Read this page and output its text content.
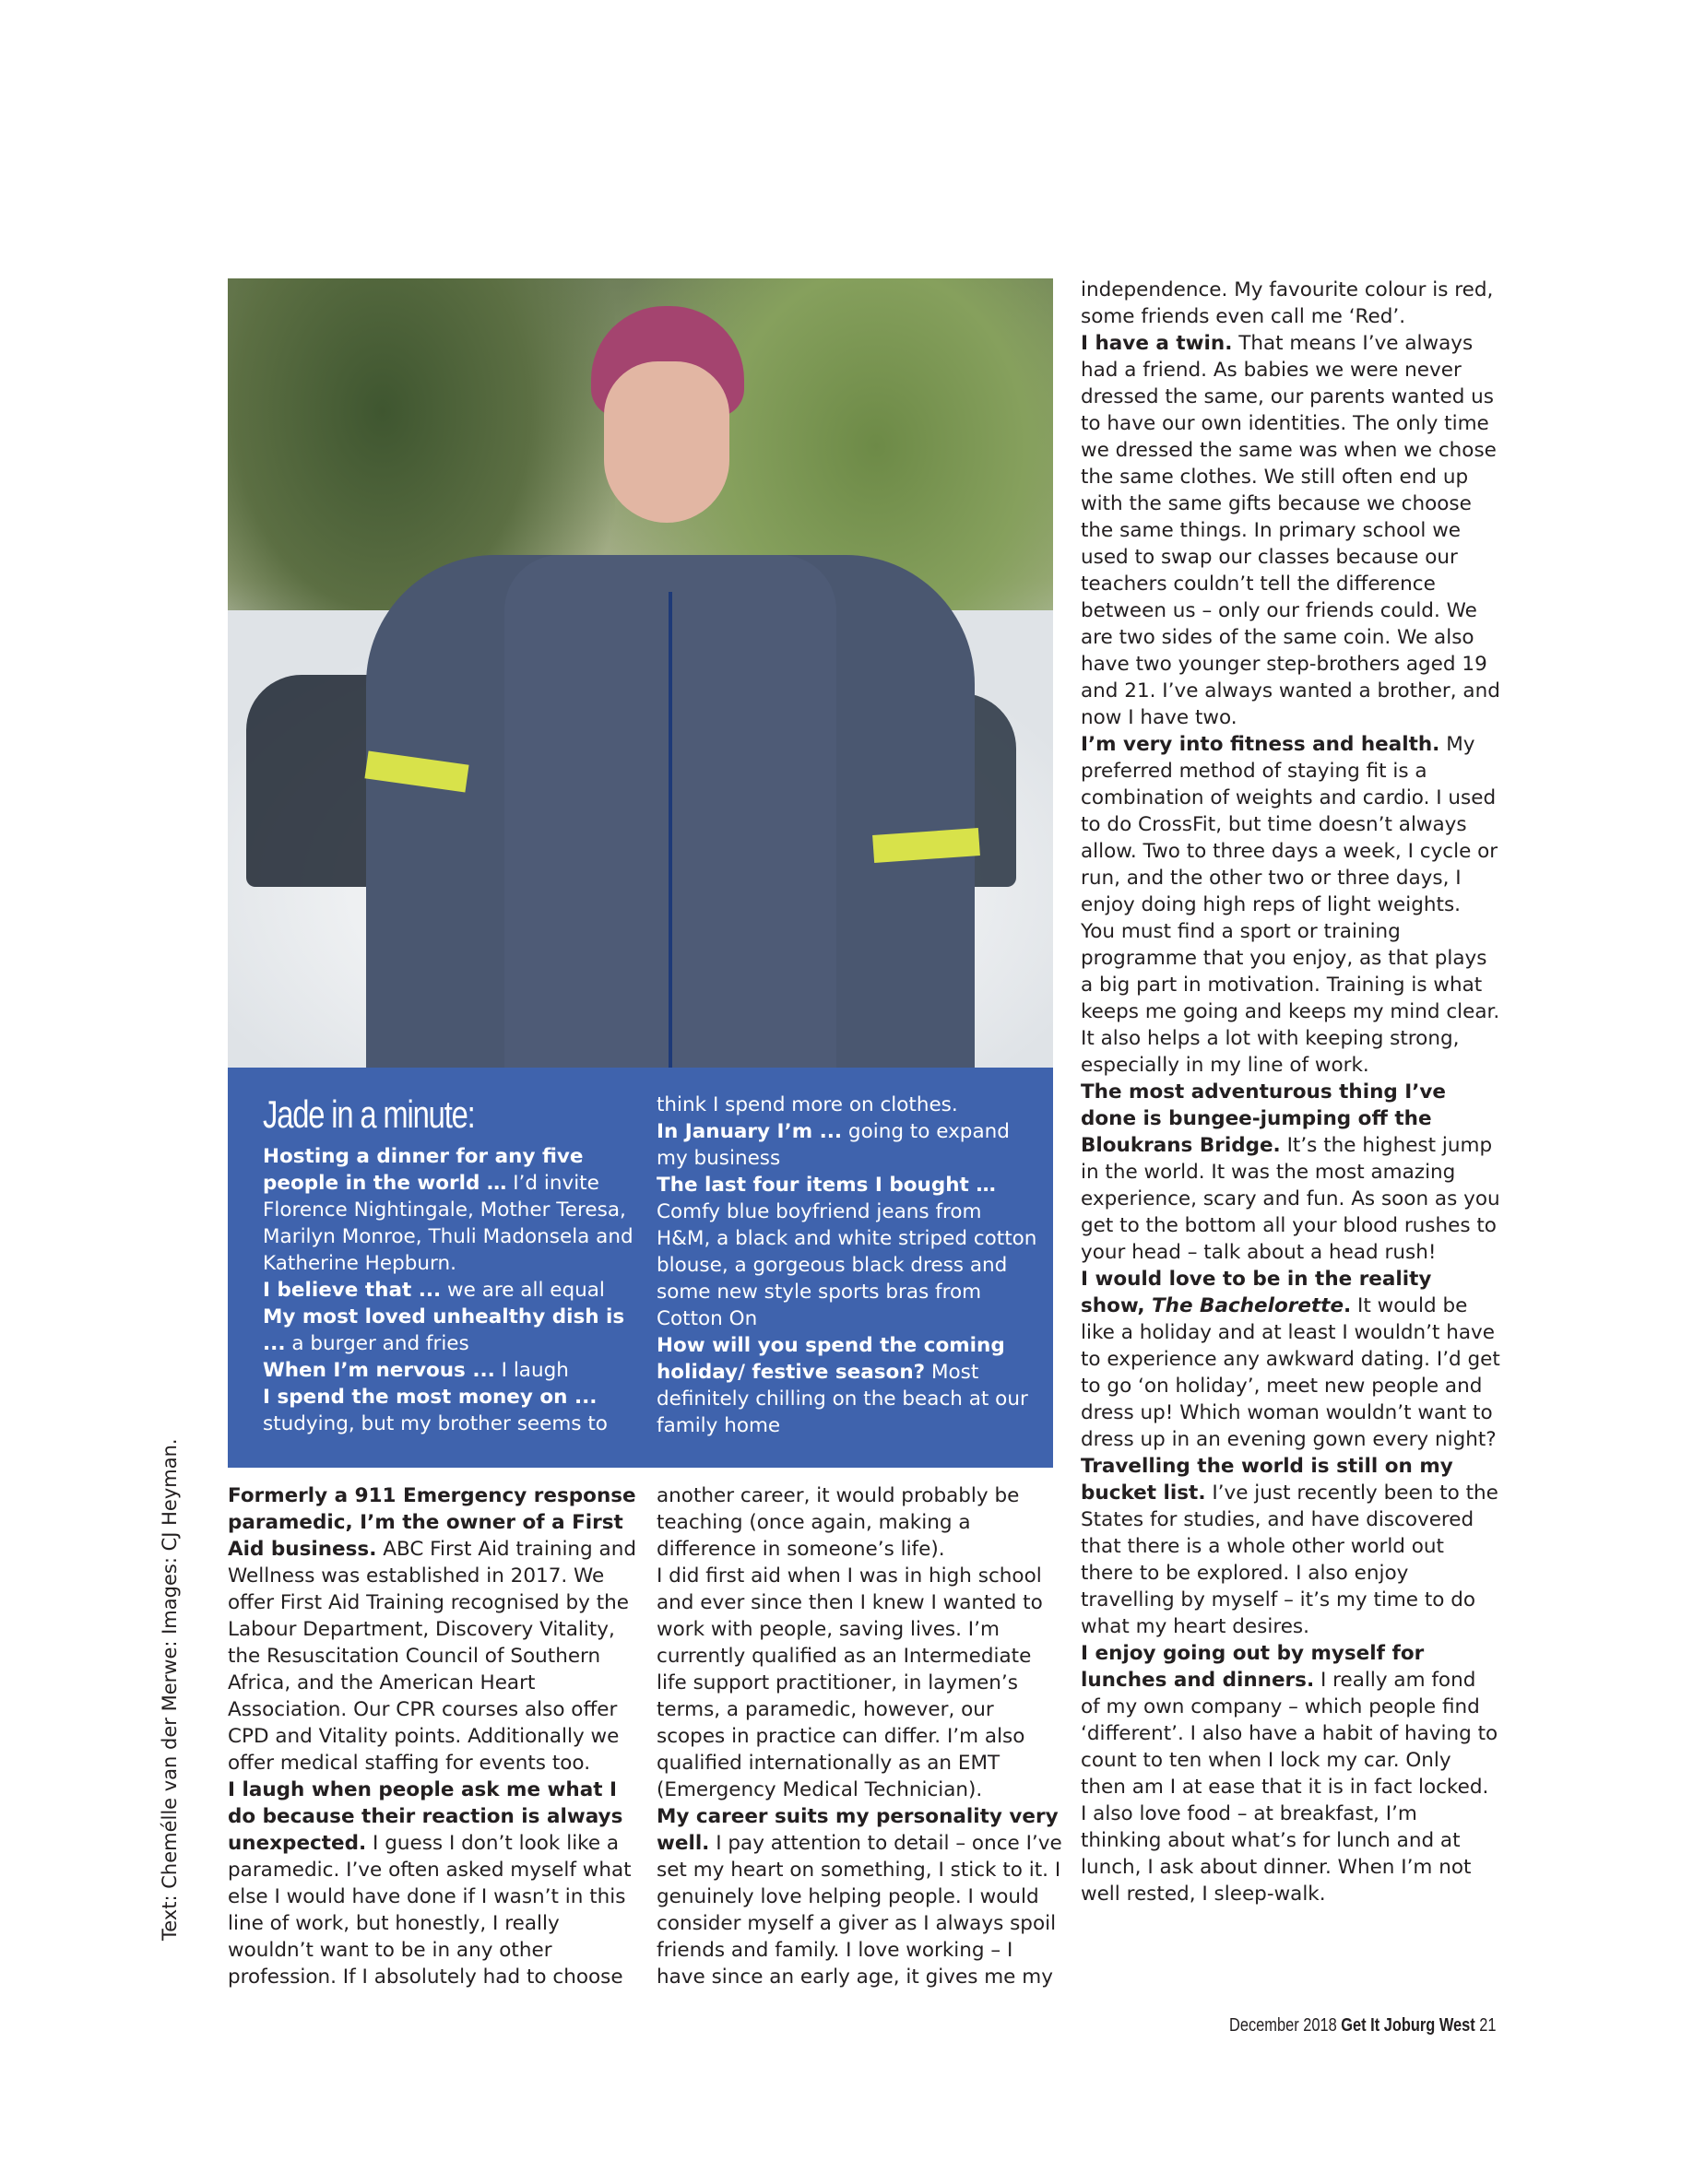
Jade in a minute:
Hosting a dinner for any five people in the world … I’d invite Florence Nightingale, Mother Teresa, Marilyn Monroe, Thuli Madonsela and Katherine Hepburn.
I believe that ... we are all equal
My most loved unhealthy dish is ... a burger and fries
When I’m nervous ... I laugh
I spend the most money on ... studying, but my brother seems to
think I spend more on clothes.
In January I’m ... going to expand my business
The last four items I bought … Comfy blue boyfriend jeans from H&M, a black and white striped cotton blouse, a gorgeous black dress and some new style sports bras from Cotton On
How will you spend the coming holiday/ festive season? Most definitely chilling on the beach at our family home
Formerly a 911 Emergency response paramedic, I’m the owner of a First Aid business. ABC First Aid training and Wellness was established in 2017. We offer First Aid Training recognised by the Labour Department, Discovery Vitality, the Resuscitation Council of Southern Africa, and the American Heart Association. Our CPR courses also offer CPD and Vitality points. Additionally we offer medical staffing for events too.
I laugh when people ask me what I do because their reaction is always unexpected. I guess I don’t look like a paramedic. I’ve often asked myself what else I would have done if I wasn’t in this line of work, but honestly, I really wouldn’t want to be in any other profession. If I absolutely had to choose
another career, it would probably be teaching (once again, making a difference in someone’s life).
I did first aid when I was in high school and ever since then I knew I wanted to work with people, saving lives. I’m currently qualified as an Intermediate life support practitioner, in laymen’s terms, a paramedic, however, our scopes in practice can differ. I’m also qualified internationally as an EMT (Emergency Medical Technician).
My career suits my personality very well. I pay attention to detail – once I’ve set my heart on something, I stick to it. I genuinely love helping people. I would consider myself a giver as I always spoil friends and family. I love working – I have since an early age, it gives me my
independence. My favourite colour is red, some friends even call me ‘Red’.
I have a twin. That means I’ve always had a friend. As babies we were never dressed the same, our parents wanted us to have our own identities. The only time we dressed the same was when we chose the same clothes. We still often end up with the same gifts because we choose the same things. In primary school we used to swap our classes because our teachers couldn’t tell the difference between us – only our friends could. We are two sides of the same coin. We also have two younger step-brothers aged 19 and 21. I’ve always wanted a brother, and now I have two.
I’m very into fitness and health. My preferred method of staying fit is a combination of weights and cardio. I used to do CrossFit, but time doesn’t always allow. Two to three days a week, I cycle or run, and the other two or three days, I enjoy doing high reps of light weights. You must find a sport or training programme that you enjoy, as that plays a big part in motivation. Training is what keeps me going and keeps my mind clear. It also helps a lot with keeping strong, especially in my line of work.
The most adventurous thing I’ve done is bungee-jumping off the Bloukrans Bridge. It’s the highest jump in the world. It was the most amazing experience, scary and fun. As soon as you get to the bottom all your blood rushes to your head – talk about a head rush!
I would love to be in the reality show, The Bachelorette. It would be like a holiday and at least I wouldn’t have to experience any awkward dating. I’d get to go ‘on holiday’, meet new people and dress up! Which woman wouldn’t want to dress up in an evening gown every night?
Travelling the world is still on my bucket list. I’ve just recently been to the States for studies, and have discovered that there is a whole other world out there to be explored. I also enjoy travelling by myself – it’s my time to do what my heart desires.
I enjoy going out by myself for lunches and dinners. I really am fond of my own company – which people find ‘different’. I also have a habit of having to count to ten when I lock my car. Only then am I at ease that it is in fact locked. I also love food – at breakfast, I’m thinking about what’s for lunch and at lunch, I ask about dinner. When I’m not well rested, I sleep-walk.
Text: Chemélle van der Merwe: Images: CJ Heyman.
December 2018 Get It Joburg West 21
